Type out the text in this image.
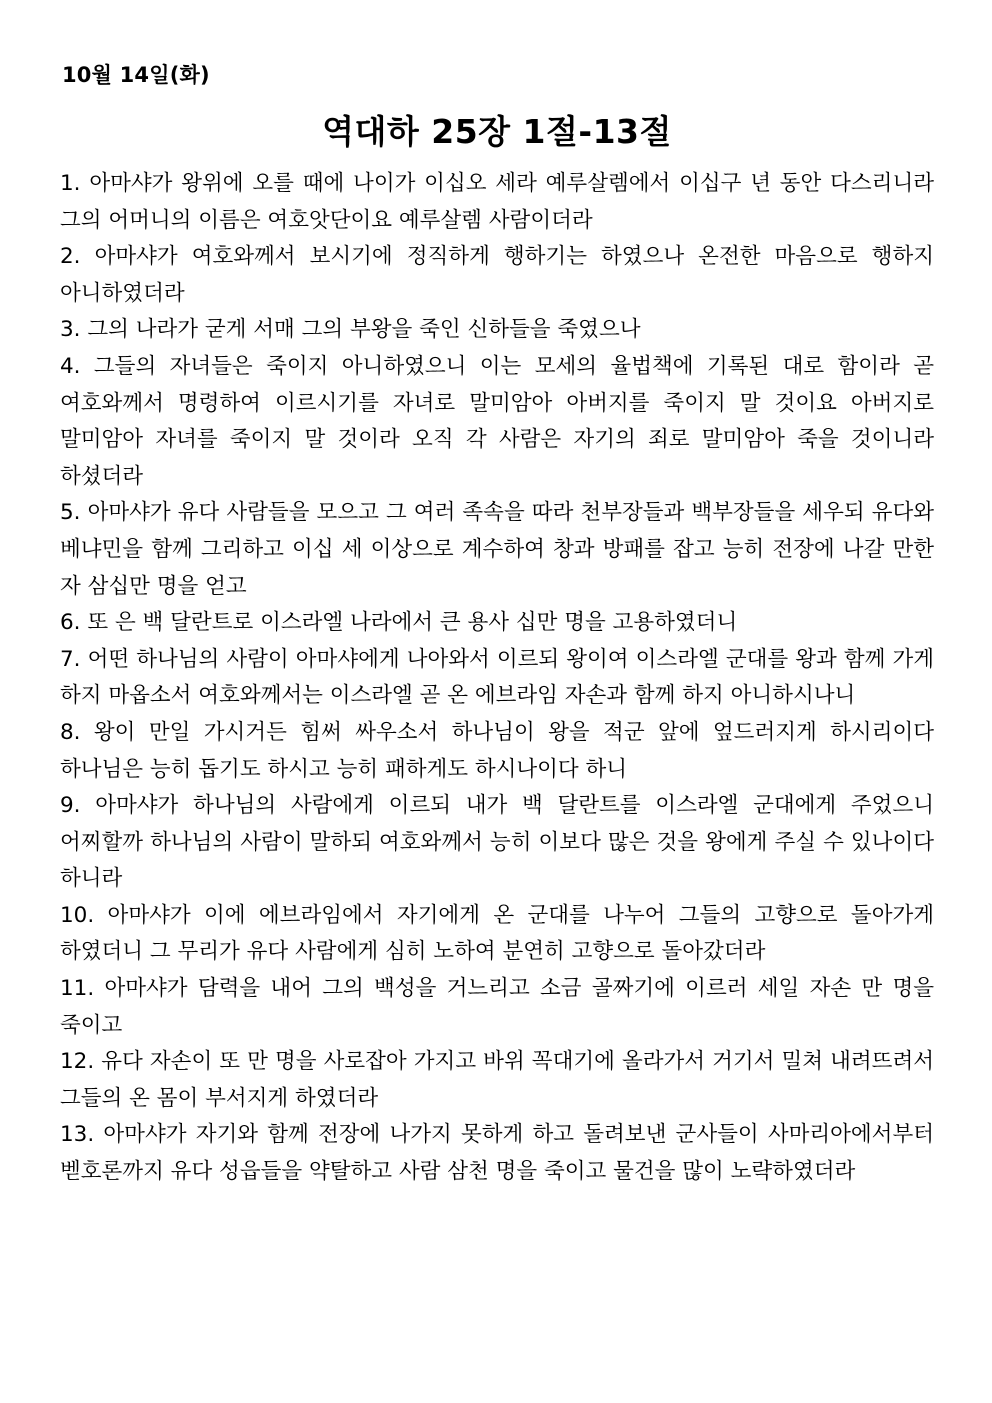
10월 14일(화)
역대하 25장 1절-13절

1. 아마샤가 왕위에 오를 때에 나이가 이십오 세라 예루살렘에서 이십구 년 동안 다스리니라 그의 어머니의 이름은 여호앗단이요 예루살렘 사람이더라

2. 아마샤가 여호와께서 보시기에 정직하게 행하기는 하였으나 온전한 마음으로 행하지 아니하였더라

3. 그의 나라가 굳게 서매 그의 부왕을 죽인 신하들을 죽였으나

4. 그들의 자녀들은 죽이지 아니하였으니 이는 모세의 율법책에 기록된 대로 함이라 곧 여호와께서 명령하여 이르시기를 자녀로 말미암아 아버지를 죽이지 말 것이요 아버지로 말미암아 자녀를 죽이지 말 것이라 오직 각 사람은 자기의 죄로 말미암아 죽을 것이니라 하셨더라

5. 아마샤가 유다 사람들을 모으고 그 여러 족속을 따라 천부장들과 백부장들을 세우되 유다와 베냐민을 함께 그리하고 이십 세 이상으로 계수하여 창과 방패를 잡고 능히 전장에 나갈 만한 자 삼십만 명을 얻고

6. 또 은 백 달란트로 이스라엘 나라에서 큰 용사 십만 명을 고용하였더니

7. 어떤 하나님의 사람이 아마샤에게 나아와서 이르되 왕이여 이스라엘 군대를 왕과 함께 가게 하지 마옵소서 여호와께서는 이스라엘 곧 온 에브라임 자손과 함께 하지 아니하시나니

8. 왕이 만일 가시거든 힘써 싸우소서 하나님이 왕을 적군 앞에 엎드러지게 하시리이다 하나님은 능히 돕기도 하시고 능히 패하게도 하시나이다 하니

9. 아마샤가 하나님의 사람에게 이르되 내가 백 달란트를 이스라엘 군대에게 주었으니 어찌할까 하나님의 사람이 말하되 여호와께서 능히 이보다 많은 것을 왕에게 주실 수 있나이다 하니라

10. 아마샤가 이에 에브라임에서 자기에게 온 군대를 나누어 그들의 고향으로 돌아가게 하였더니 그 무리가 유다 사람에게 심히 노하여 분연히 고향으로 돌아갔더라

11. 아마샤가 담력을 내어 그의 백성을 거느리고 소금 골짜기에 이르러 세일 자손 만 명을 죽이고

12. 유다 자손이 또 만 명을 사로잡아 가지고 바위 꼭대기에 올라가서 거기서 밀쳐 내려뜨려서 그들의 온 몸이 부서지게 하였더라

13. 아마샤가 자기와 함께 전장에 나가지 못하게 하고 돌려보낸 군사들이 사마리아에서부터 벧호론까지 유다 성읍들을 약탈하고 사람 삼천 명을 죽이고 물건을 많이 노략하였더라
